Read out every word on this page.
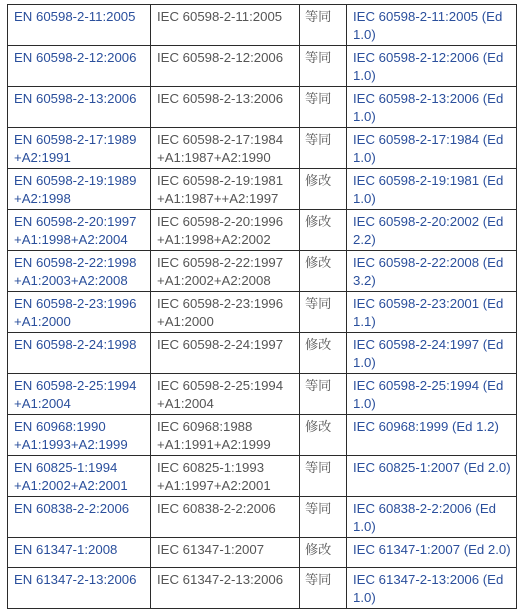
EN 60598-2-11:2005	IEC 60598-2-11:2005	等同	IEC 60598-2-11:2005 (Ed
1.0)

EN 60598-2-12:2006	IEC 60598-2-12:2006	等同	IEC 60598-2-12:2006 (Ed
1.0)

EN 60598-2-13:2006	IEC 60598-2-13:2006	等同	IEC 60598-2-13:2006 (Ed
1.0)

EN 60598-2-17:1989
+A2:1991	IEC 60598-2-17:1984
+A1:1987+A2:1990	等同	IEC 60598-2-17:1984 (Ed
1.0)

EN 60598-2-19:1989
+A2:1998	IEC 60598-2-19:1981
+A1:1987++A2:1997	修改	IEC 60598-2-19:1981 (Ed
1.0)

EN 60598-2-20:1997
+A1:1998+A2:2004	IEC 60598-2-20:1996
+A1:1998+A2:2002	修改	IEC 60598-2-20:2002 (Ed
2.2)

EN 60598-2-22:1998
+A1:2003+A2:2008	IEC 60598-2-22:1997
+A1:2002+A2:2008	修改	IEC 60598-2-22:2008 (Ed
3.2)

EN 60598-2-23:1996
+A1:2000	IEC 60598-2-23:1996
+A1:2000	等同	IEC 60598-2-23:2001 (Ed
1.1)

EN 60598-2-24:1998	IEC 60598-2-24:1997	修改	IEC 60598-2-24:1997 (Ed
1.0)

EN 60598-2-25:1994
+A1:2004	IEC 60598-2-25:1994
+A1:2004	等同	IEC 60598-2-25:1994 (Ed
1.0)

EN 60968:1990
+A1:1993+A2:1999	IEC 60968:1988
+A1:1991+A2:1999	修改	IEC 60968:1999 (Ed 1.2)

EN 60825-1:1994
+A1:2002+A2:2001	IEC 60825-1:1993
+A1:1997+A2:2001	等同	IEC 60825-1:2007 (Ed 2.0)

EN 60838-2-2:2006	IEC 60838-2-2:2006	等同	IEC 60838-2-2:2006 (Ed
1.0)

EN 61347-1:2008	IEC 61347-1:2007	修改	IEC 61347-1:2007 (Ed 2.0)

EN 61347-2-13:2006	IEC 61347-2-13:2006	等同	IEC 61347-2-13:2006 (Ed
1.0)
